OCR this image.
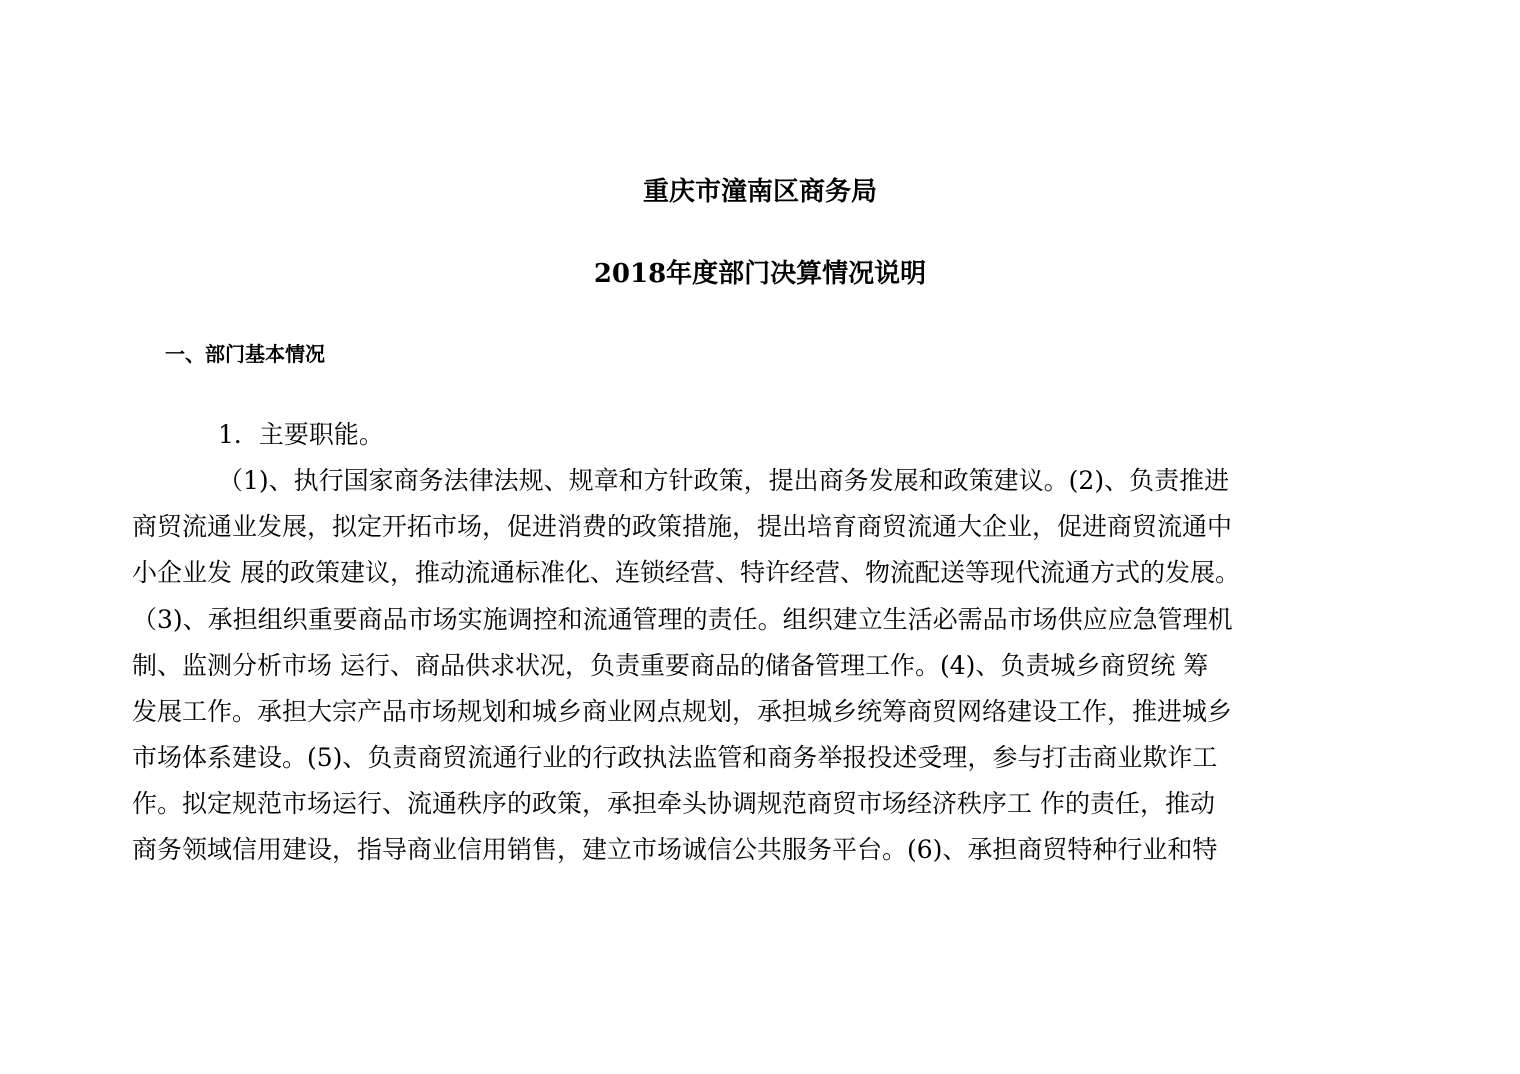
重庆市潼南区商务局
2018年度部门决算情况说明
一、部门基本情况
1．主要职能。
（1)、执行国家商务法律法规、规章和方针政策，提出商务发展和政策建议。(2)、负责推进
商贸流通业发展，拟定开拓市场，促进消费的政策措施，提出培育商贸流通大企业，促进商贸流通中
小企业发 展的政策建议，推动流通标准化、连锁经营、特许经营、物流配送等现代流通方式的发展。
（3)、承担组织重要商品市场实施调控和流通管理的责任。组织建立生活必需品市场供应应急管理机
制、监测分析市场 运行、商品供求状况，负责重要商品的储备管理工作。(4)、负责城乡商贸统 筹
发展工作。承担大宗产品市场规划和城乡商业网点规划，承担城乡统筹商贸网络建设工作，推进城乡
市场体系建设。(5)、负责商贸流通行业的行政执法监管和商务举报投述受理，参与打击商业欺诈工
作。拟定规范市场运行、流通秩序的政策，承担牵头协调规范商贸市场经济秩序工 作的责任，推动
商务领域信用建设，指导商业信用销售，建立市场诚信公共服务平台。(6)、承担商贸特种行业和特
